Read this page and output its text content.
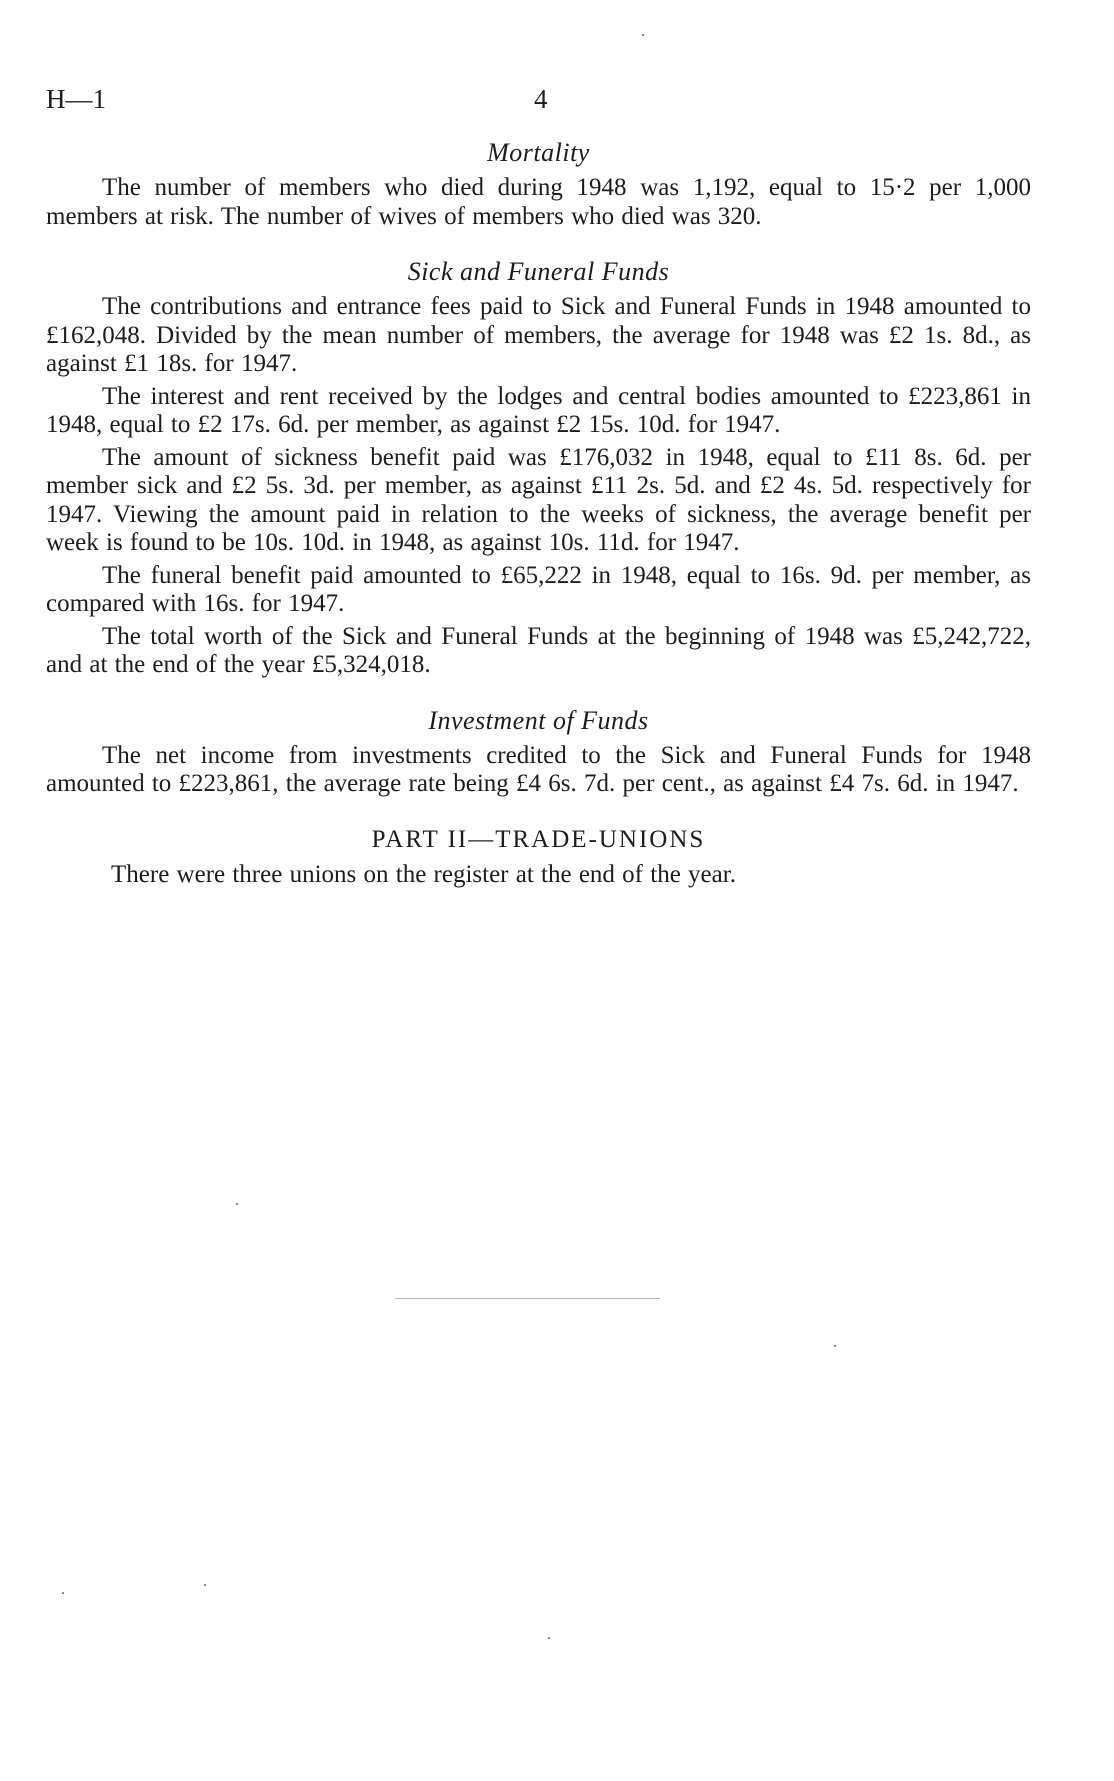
H—1	4
Mortality

The number of members who died during 1948 was 1,192, equal to 15·2 per 1,000 members at risk. The number of wives of members who died was 320.

Sick and Funeral Funds

The contributions and entrance fees paid to Sick and Funeral Funds in 1948 amounted to £162,048. Divided by the mean number of members, the average for 1948 was £2 1s. 8d., as against £1 18s. for 1947.

The interest and rent received by the lodges and central bodies amounted to £223,861 in 1948, equal to £2 17s. 6d. per member, as against £2 15s. 10d. for 1947.

The amount of sickness benefit paid was £176,032 in 1948, equal to £11 8s. 6d. per member sick and £2 5s. 3d. per member, as against £11 2s. 5d. and £2 4s. 5d. respectively for 1947. Viewing the amount paid in relation to the weeks of sickness, the average benefit per week is found to be 10s. 10d. in 1948, as against 10s. 11d. for 1947.

The funeral benefit paid amounted to £65,222 in 1948, equal to 16s. 9d. per member, as compared with 16s. for 1947.

The total worth of the Sick and Funeral Funds at the beginning of 1948 was £5,242,722, and at the end of the year £5,324,018.

Investment of Funds

The net income from investments credited to the Sick and Funeral Funds for 1948 amounted to £223,861, the average rate being £4 6s. 7d. per cent., as against £4 7s. 6d. in 1947.

PART II—TRADE-UNIONS

There were three unions on the register at the end of the year.
